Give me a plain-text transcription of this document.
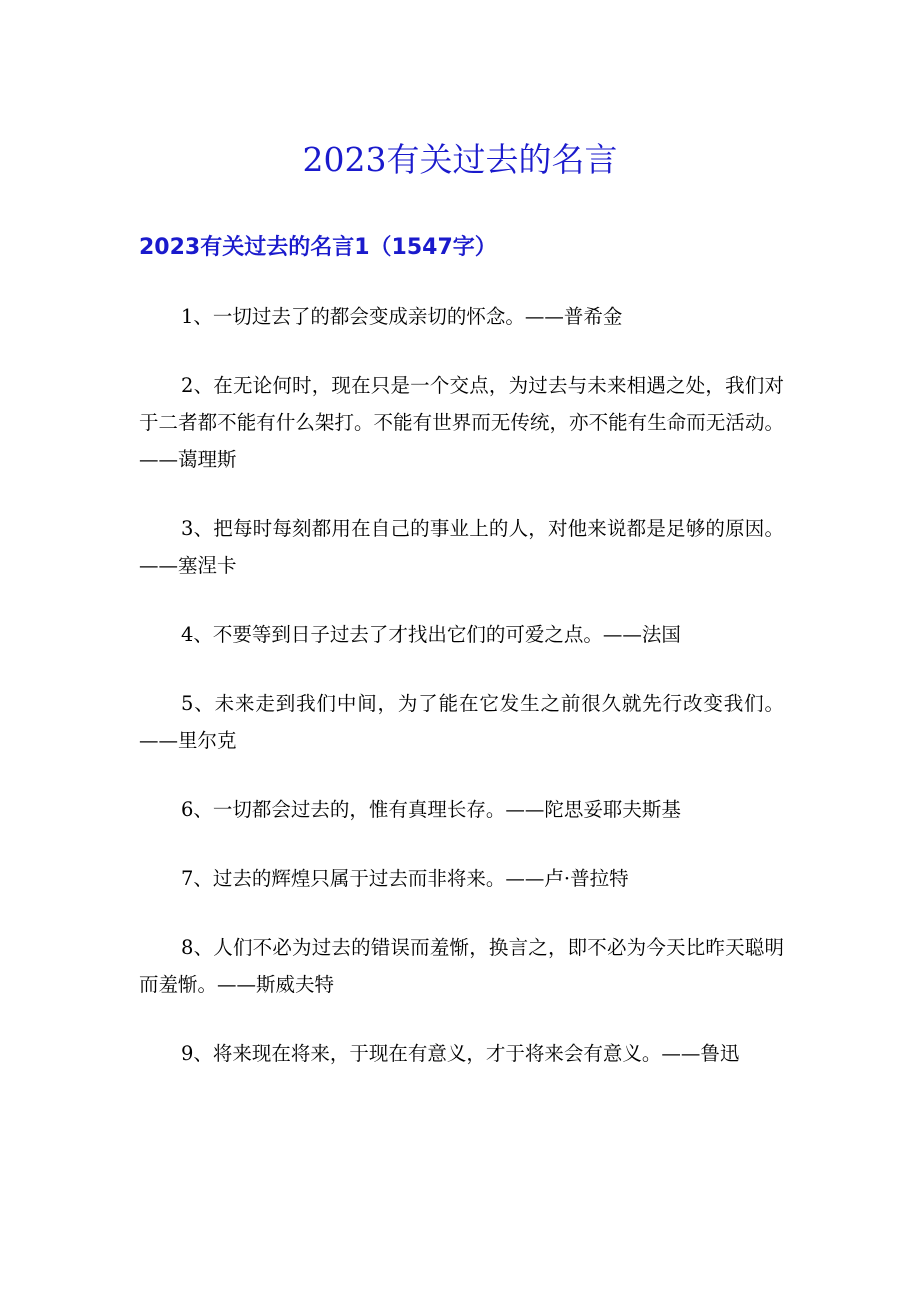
2023有关过去的名言
2023有关过去的名言1（1547字）
1、一切过去了的都会变成亲切的怀念。——普希金
2、在无论何时，现在只是一个交点，为过去与未来相遇之处，我们对于二者都不能有什么架打。不能有世界而无传统，亦不能有生命而无活动。——蔼理斯
3、把每时每刻都用在自己的事业上的人，对他来说都是足够的原因。——塞涅卡
4、不要等到日子过去了才找出它们的可爱之点。——法国
5、未来走到我们中间，为了能在它发生之前很久就先行改变我们。——里尔克
6、一切都会过去的，惟有真理长存。——陀思妥耶夫斯基
7、过去的辉煌只属于过去而非将来。——卢·普拉特
8、人们不必为过去的错误而羞惭，换言之，即不必为今天比昨天聪明而羞惭。——斯威夫特
9、将来现在将来，于现在有意义，才于将来会有意义。——鲁迅
